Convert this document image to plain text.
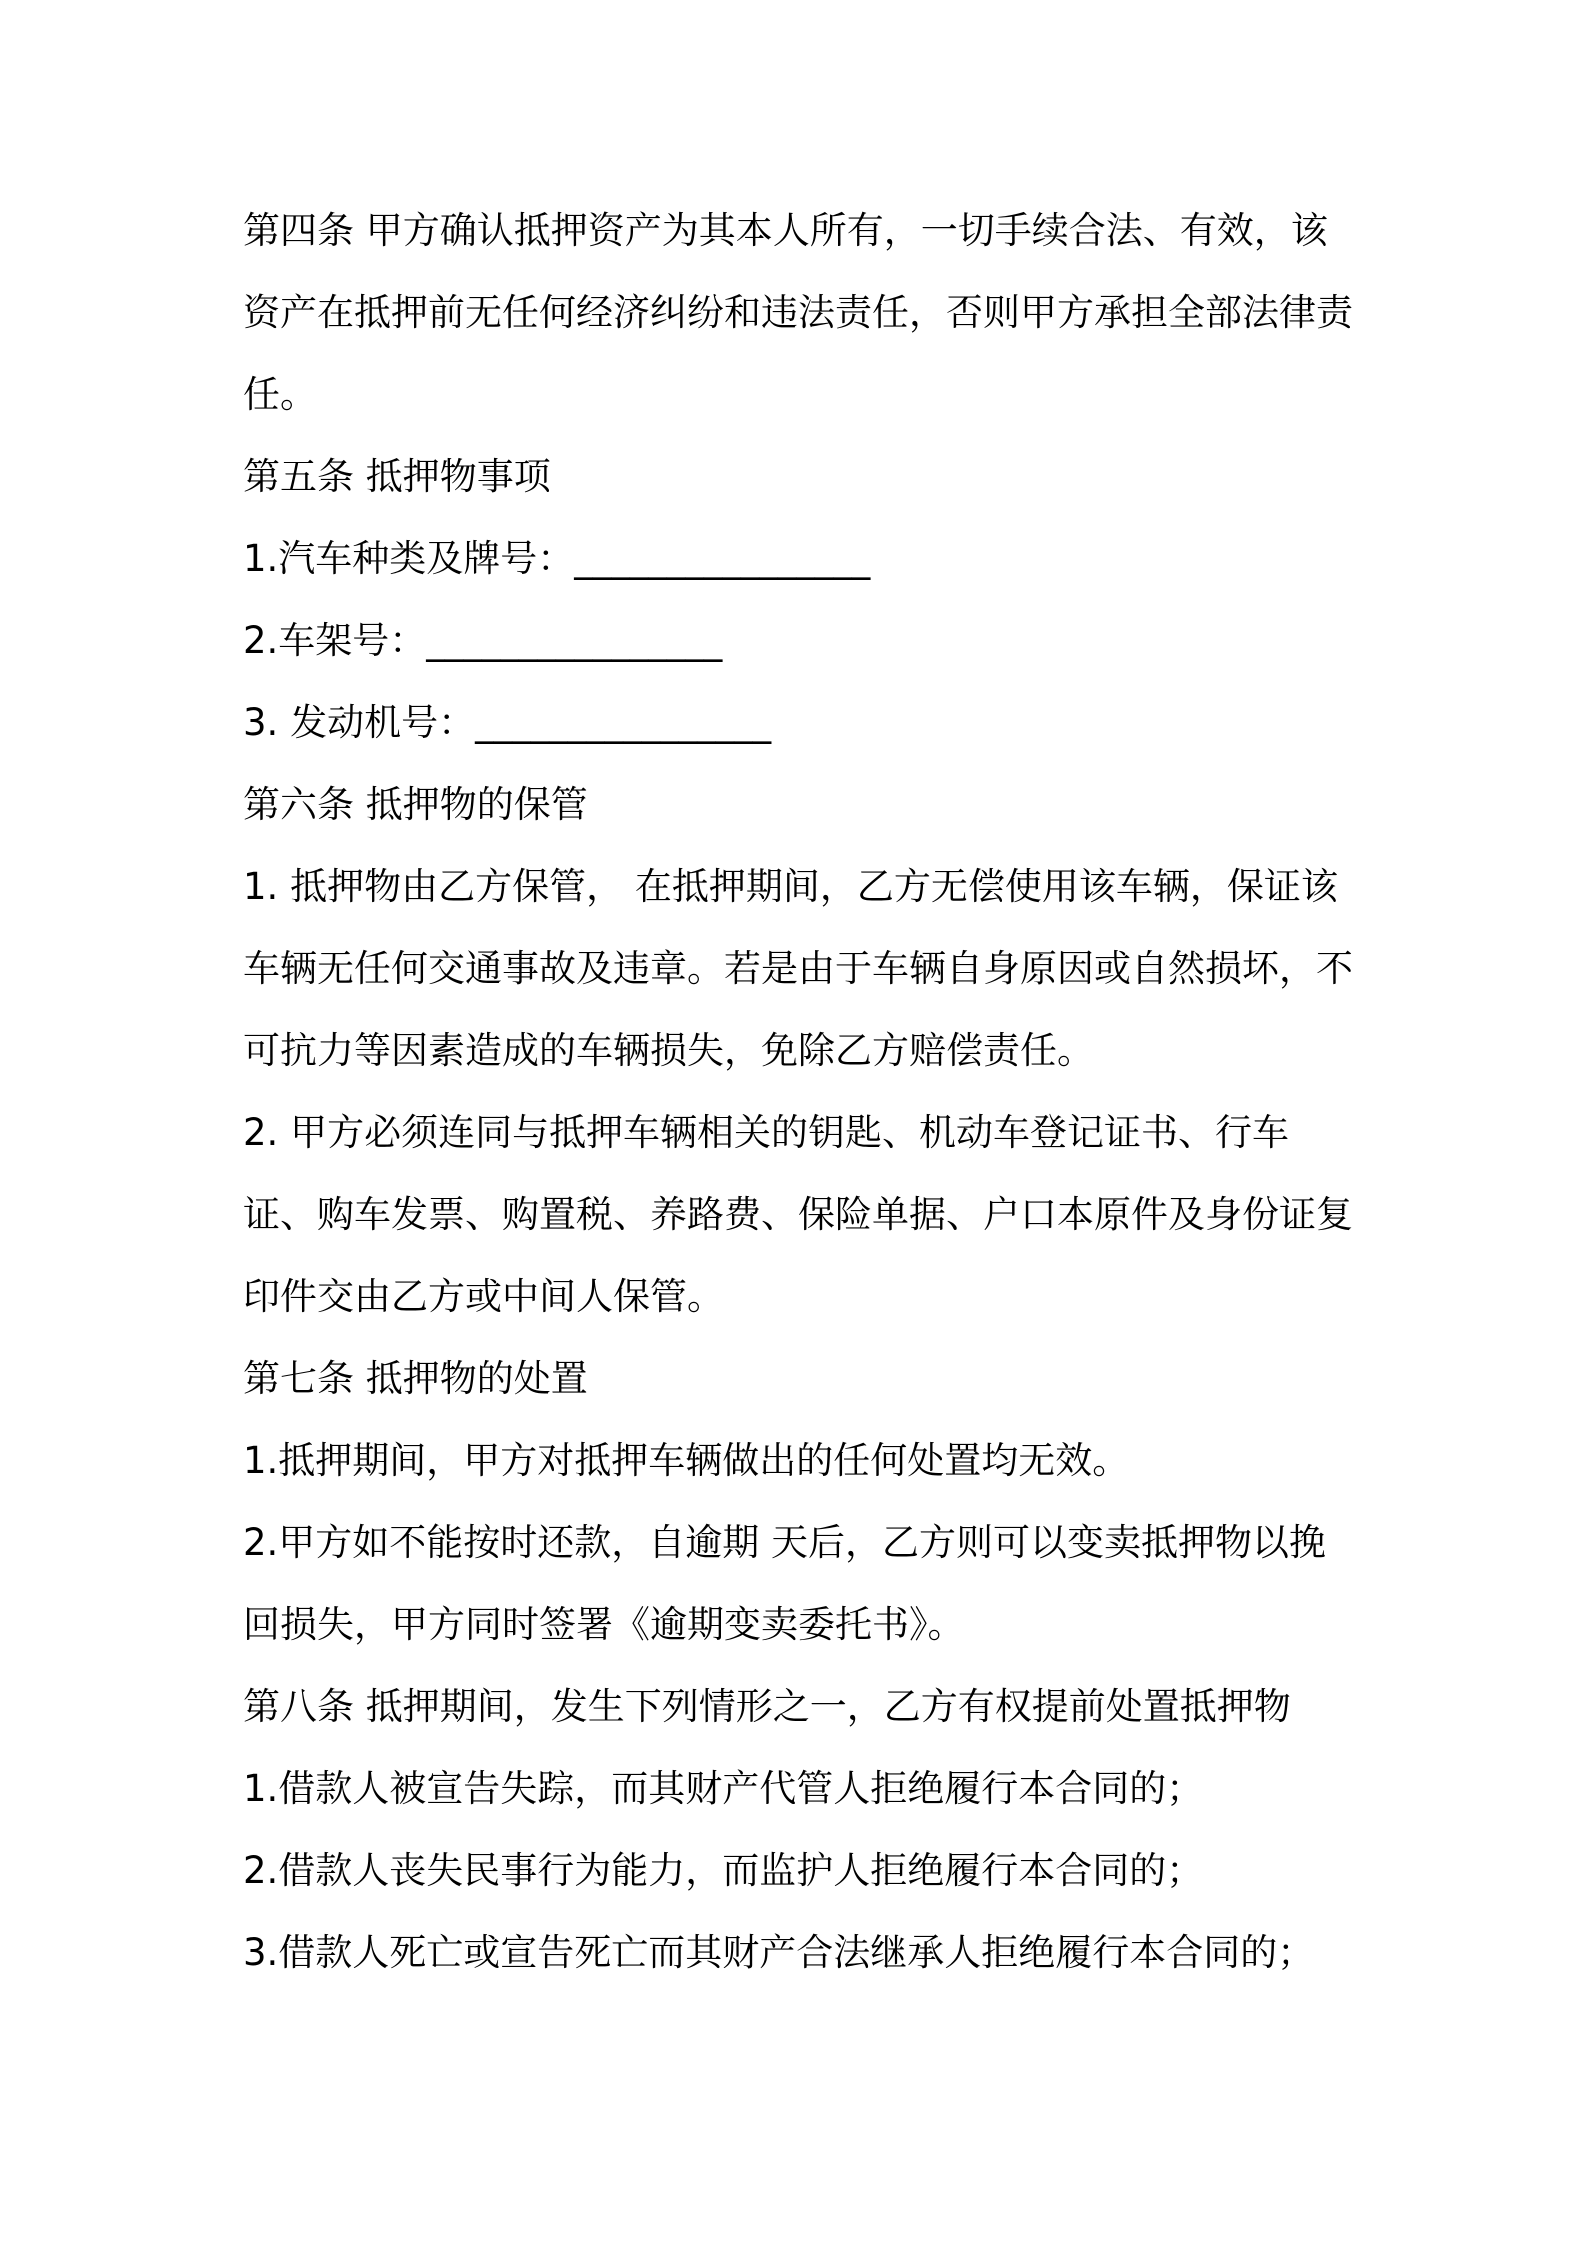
第四条 甲方确认抵押资产为其本人所有，一切手续合法、有效，该资产在抵押前无任何经济纠纷和违法责任，否则甲方承担全部法律责任。

第五条 抵押物事项

1.汽车种类及牌号：________________

2.车架号：________________

3. 发动机号：________________

第六条 抵押物的保管

1. 抵押物由乙方保管， 在抵押期间，乙方无偿使用该车辆，保证该车辆无任何交通事故及违章。若是由于车辆自身原因或自然损坏，不可抗力等因素造成的车辆损失，免除乙方赔偿责任。

2. 甲方必须连同与抵押车辆相关的钥匙、机动车登记证书、行车证、购车发票、购置税、养路费、保险单据、户口本原件及身份证复印件交由乙方或中间人保管。

第七条 抵押物的处置

1.抵押期间，甲方对抵押车辆做出的任何处置均无效。

2.甲方如不能按时还款，自逾期 天后，乙方则可以变卖抵押物以挽回损失，甲方同时签署《逾期变卖委托书》。

第八条 抵押期间，发生下列情形之一，乙方有权提前处置抵押物

1.借款人被宣告失踪，而其财产代管人拒绝履行本合同的；

2.借款人丧失民事行为能力，而监护人拒绝履行本合同的；

3.借款人死亡或宣告死亡而其财产合法继承人拒绝履行本合同的；
